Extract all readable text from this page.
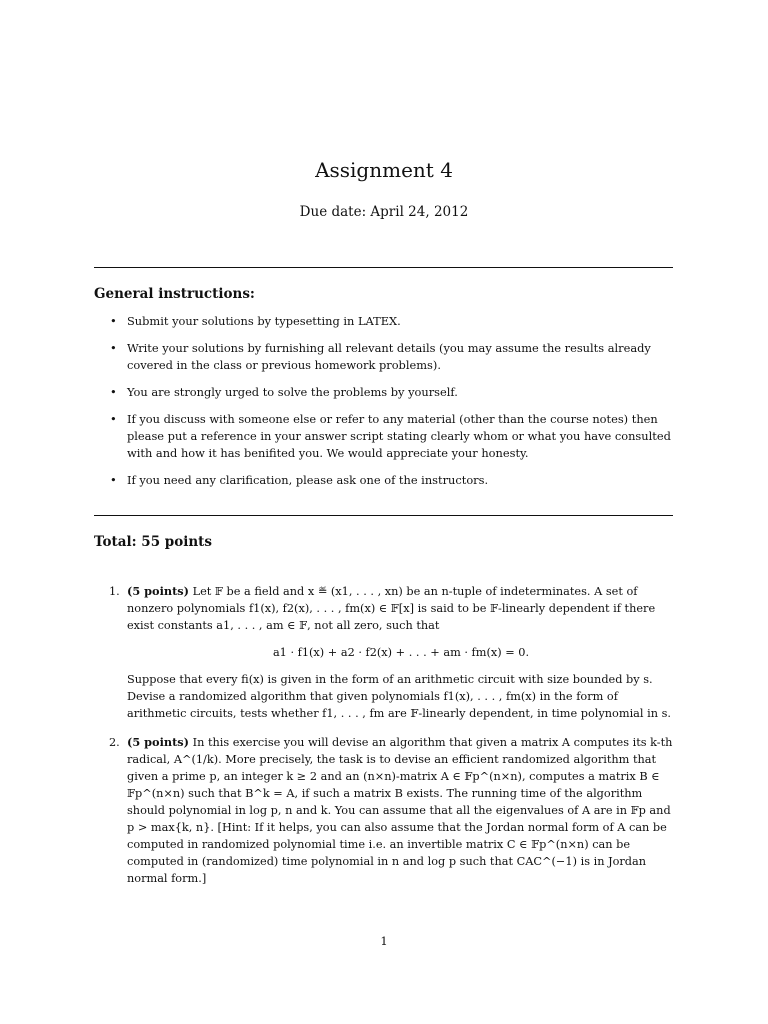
Assignment 4
Due date: April 24, 2012
General instructions:
• Submit your solutions by typesetting in LATEX.
• Write your solutions by furnishing all relevant details (you may assume the results already covered in the class or previous homework problems).
• You are strongly urged to solve the problems by yourself.
• If you discuss with someone else or refer to any material (other than the course notes) then please put a reference in your answer script stating clearly whom or what you have consulted with and how it has benifited you. We would appreciate your honesty.
• If you need any clarification, please ask one of the instructors.
Total: 55 points
1. (5 points) Let 𝔽 be a field and x ≝ (x1, . . . , xn) be an n-tuple of indeterminates. A set of nonzero polynomials f1(x), f2(x), . . . , fm(x) ∈ 𝔽[x] is said to be 𝔽-linearly dependent if there exist constants a1, . . . , am ∈ 𝔽, not all zero, such that

a1 · f1(x) + a2 · f2(x) + . . . + am · fm(x) = 0.

Suppose that every fi(x) is given in the form of an arithmetic circuit with size bounded by s. Devise a randomized algorithm that given polynomials f1(x), . . . , fm(x) in the form of arithmetic circuits, tests whether f1, . . . , fm are 𝔽-linearly dependent, in time polynomial in s.

2. (5 points) In this exercise you will devise an algorithm that given a matrix A computes its k-th radical, A^(1/k). More precisely, the task is to devise an efficient randomized algorithm that given a prime p, an integer k ≥ 2 and an (n×n)-matrix A ∈ 𝔽p^(n×n), computes a matrix B ∈ 𝔽p^(n×n) such that B^k = A, if such a matrix B exists. The running time of the algorithm should polynomial in log p, n and k. You can assume that all the eigenvalues of A are in 𝔽p and p > max{k, n}. [Hint: If it helps, you can also assume that the Jordan normal form of A can be computed in randomized polynomial time i.e. an invertible matrix C ∈ 𝔽p^(n×n) can be computed in (randomized) time polynomial in n and log p such that CAC^(−1) is in Jordan normal form.]

1
